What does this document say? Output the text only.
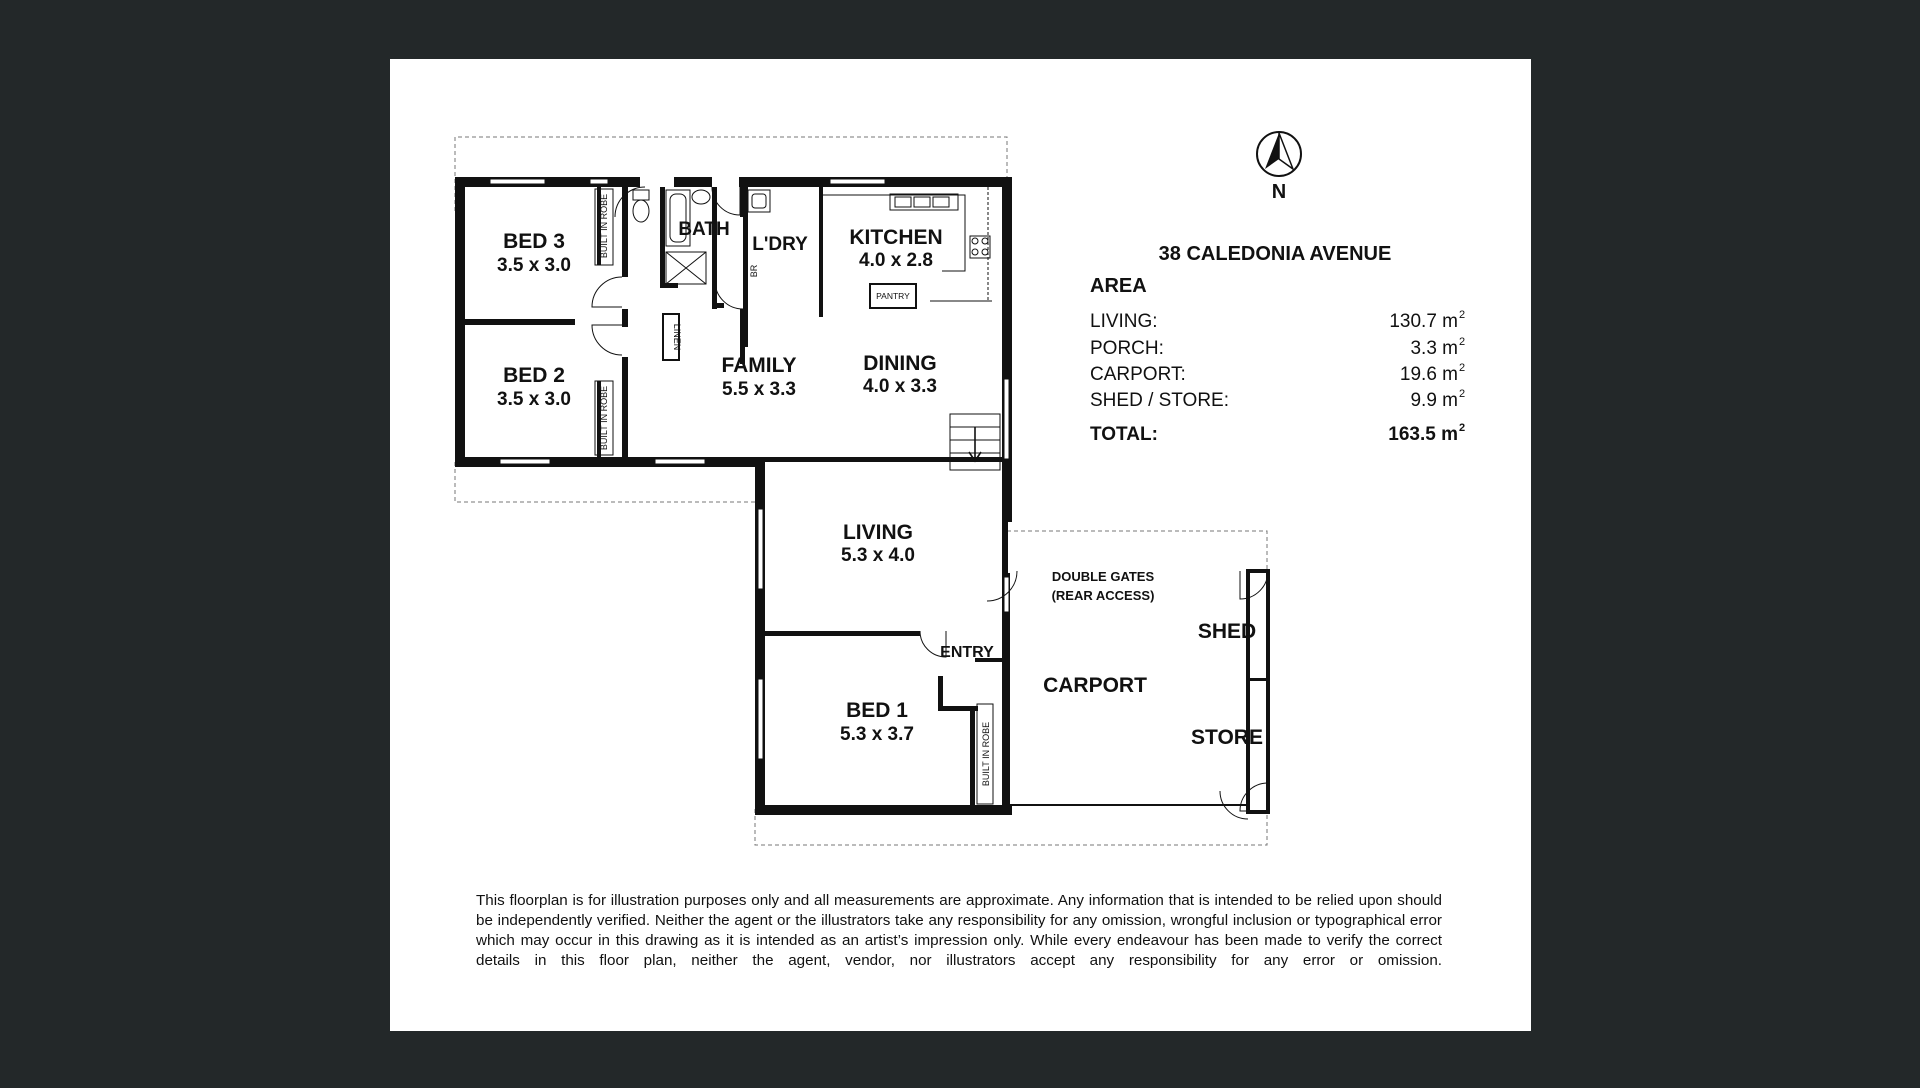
BED 3
3.5 x 3.0
BED 2
3.5 x 3.0
BATH
L'DRY KITCHEN
4.0 x 2.8
FAMILY
5.5 x 3.3
DINING
4.0 x 3.3
LIVING
5.3 x 4.0
BED 1
5.3 x 3.7
CARPORT
SHED
STORE
DOUBLE GATES
(REAR ACCESS)
ENTRY
PANTRY
BUILT IN ROBE
BUILT IN ROBE
BUILT IN ROBE
LINEN
BR
N
38 CALEDONIA AVENUE
AREA
LIVING:	130.7 m 2
PORCH:	3.3 m 2
CARPORT:	19.6 m 2
SHED / STORE:	9.9 m 2
TOTAL:	163.5 m 2

This floorplan is for illustration purposes only and all measurements are approximate. Any information that is intended to be relied upon should be independently verified. Neither the agent or the illustrators take any responsibility for any omission, wrongful inclusion or typographical error which may occur in this drawing as it is intended as an artist’s impression only. While every endeavour has been made to verify the correct details in this floor plan, neither the agent, vendor, nor illustrators accept any responsibility for any error or omission.
